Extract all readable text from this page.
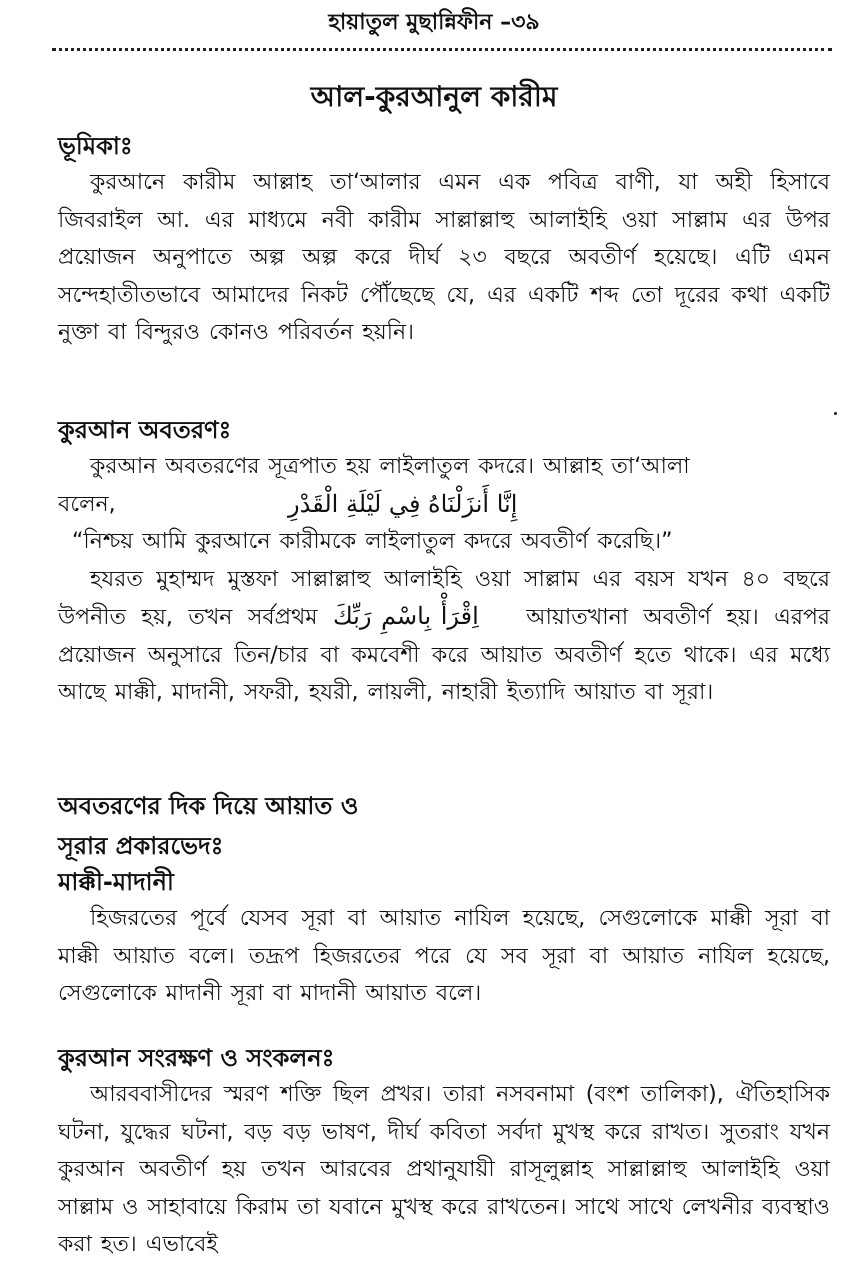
হায়াতুল মুছান্নিফীন –৩৯
আল-কুরআনুল কারীম

ভূমিকাঃ

কুরআনে কারীম আল্লাহ তা‘আলার এমন এক পবিত্র বাণী, যা অহী হিসাবে জিবরাইল আ. এর মাধ্যমে নবী কারীম সাল্লাল্লাহু আলাইহি ওয়া সাল্লাম এর উপর প্রয়োজন অনুপাতে অল্প অল্প করে দীর্ঘ ২৩ বছরে অবতীর্ণ হয়েছে। এটি এমন সন্দেহাতীতভাবে আমাদের নিকট পৌঁছেছে যে, এর একটি শব্দ তো দূরের কথা একটি নুক্তা বা বিন্দুরও কোনও পরিবর্তন হয়নি।

কুরআন অবতরণঃ

কুরআন অবতরণের সূত্রপাত হয় লাইলাতুল কদরে। আল্লাহ তা‘আলা

বলেন,	إِنَّا أَنزَلْنَاهُ فِي لَيْلَةِ الْقَدْرِ

“নিশ্চয় আমি কুরআনে কারীমকে লাইলাতুল কদরে অবতীর্ণ করেছি।”

হযরত মুহাম্মদ মুস্তফা সাল্লাল্লাহু আলাইহি ওয়া সাল্লাম এর বয়স যখন ৪০ বছরে উপনীত হয়, তখন সর্বপ্রথম اِقْرَأْ بِاسْمِ رَبِّكَ আয়াতখানা অবতীর্ণ হয়। এরপর প্রয়োজন অনুসারে তিন/চার বা কমবেশী করে আয়াত অবতীর্ণ হতে থাকে। এর মধ্যে আছে মাক্কী, মাদানী, সফরী, হযরী, লায়লী, নাহারী ইত্যাদি আয়াত বা সূরা।

অবতরণের দিক দিয়ে আয়াত ও

সূরার প্রকারভেদঃ

মাক্কী-মাদানী

হিজরতের পূর্বে যেসব সূরা বা আয়াত নাযিল হয়েছে, সেগুলোকে মাক্কী সূরা বা মাক্কী আয়াত বলে। তদ্রূপ হিজরতের পরে যে সব সূরা বা আয়াত নাযিল হয়েছে, সেগুলোকে মাদানী সূরা বা মাদানী আয়াত বলে।

কুরআন সংরক্ষণ ও সংকলনঃ

আরববাসীদের স্মরণ শক্তি ছিল প্রখর। তারা নসবনামা (বংশ তালিকা), ঐতিহাসিক ঘটনা, যুদ্ধের ঘটনা, বড় বড় ভাষণ, দীর্ঘ কবিতা সর্বদা মুখস্থ করে রাখত। সুতরাং যখন কুরআন অবতীর্ণ হয় তখন আরবের প্রথানুযায়ী রাসূলুল্লাহ সাল্লাল্লাহু আলাইহি ওয়া সাল্লাম ও সাহাবায়ে কিরাম তা যবানে মুখস্থ করে রাখতেন। সাথে সাথে লেখনীর ব্যবস্থাও করা হত। এভাবেই
